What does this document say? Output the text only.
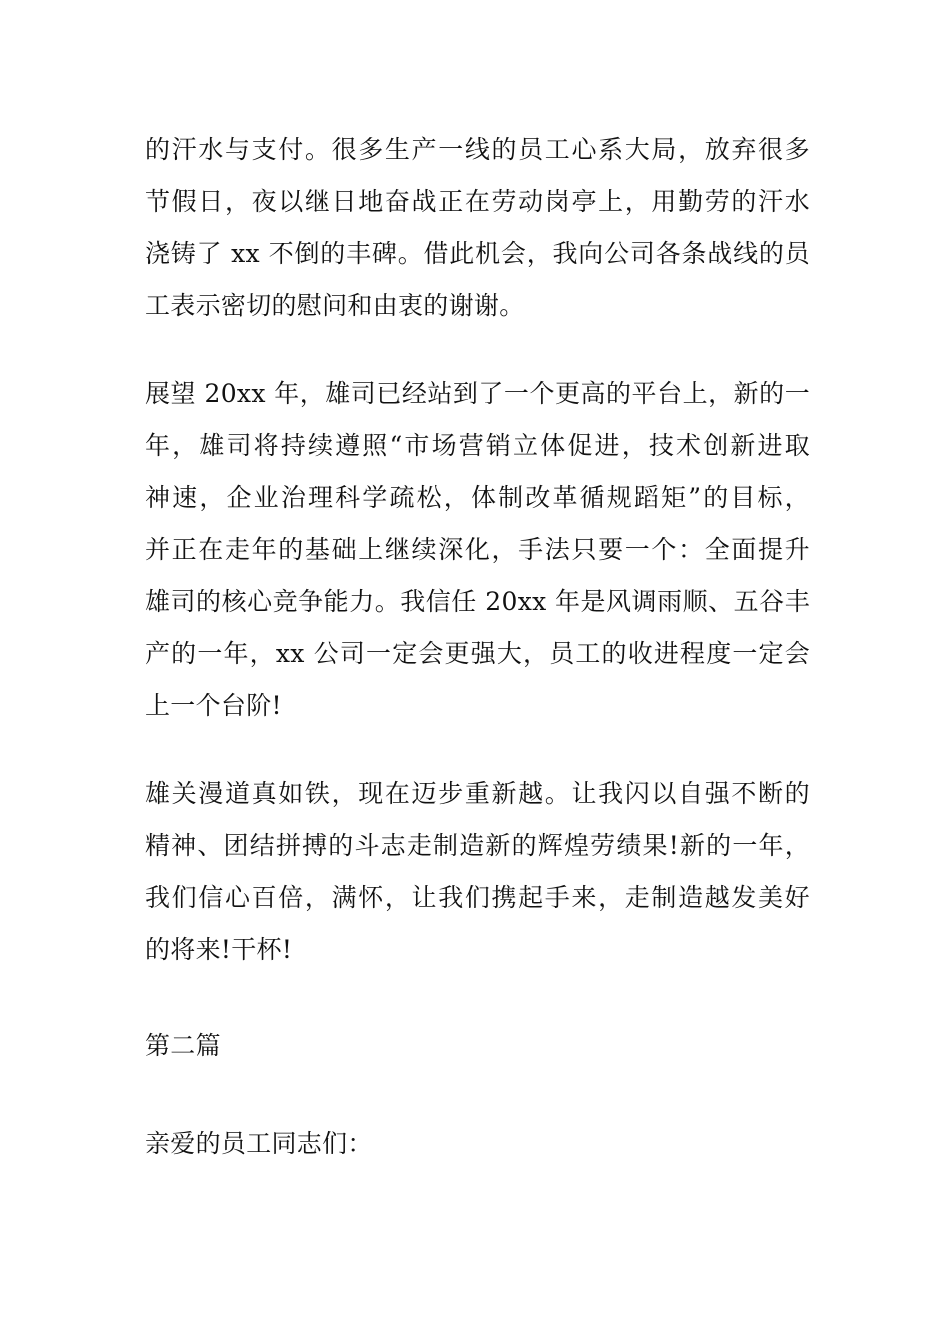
的汗水与支付。很多生产一线的员工心系大局，放弃很多
节假日，夜以继日地奋战正在劳动岗亭上，用勤劳的汗水
浇铸了 xx 不倒的丰碑。借此机会，我向公司各条战线的员
工表示密切的慰问和由衷的谢谢。
展望 20xx 年，雄司已经站到了一个更高的平台上，新的一
年，雄司将持续遵照“市场营销立体促进，技术创新进取
神速，企业治理科学疏松，体制改革循规蹈矩”的目标，
并正在走年的基础上继续深化，手法只要一个：全面提升
雄司的核心竞争能力。我信任 20xx 年是风调雨顺、五谷丰
产的一年，xx 公司一定会更强大，员工的收进程度一定会
上一个台阶!
雄关漫道真如铁，现在迈步重新越。让我闪以自强不断的
精神、团结拼搏的斗志走制造新的辉煌劳绩果!新的一年，
我们信心百倍，满怀，让我们携起手来，走制造越发美好
的将来!干杯!
第二篇
亲爱的员工同志们：
